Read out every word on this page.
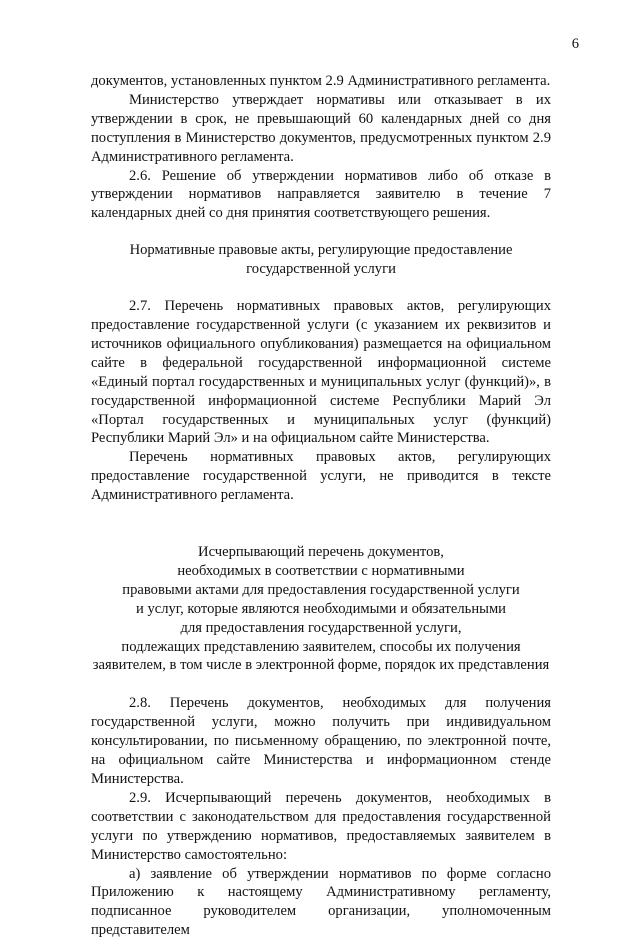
6

документов, установленных пунктом 2.9 Административного регламента.

Министерство утверждает нормативы или отказывает в их утверждении в срок, не превышающий 60 календарных дней со дня поступления в Министерство документов, предусмотренных пунктом 2.9 Административного регламента.

2.6. Решение об утверждении нормативов либо об отказе в утверждении нормативов направляется заявителю в течение 7 календарных дней со дня принятия соответствующего решения.

Нормативные правовые акты, регулирующие предоставление
государственной услуги

2.7. Перечень нормативных правовых актов, регулирующих предоставление государственной услуги (с указанием их реквизитов и источников официального опубликования) размещается на официальном сайте в федеральной государственной информационной системе «Единый портал государственных и муниципальных услуг (функций)», в государственной информационной системе Республики Марий Эл «Портал государственных и муниципальных услуг (функций) Республики Марий Эл» и на официальном сайте Министерства.

Перечень нормативных правовых актов, регулирующих предоставление государственной услуги, не приводится в тексте Административного регламента.

Исчерпывающий перечень документов,
необходимых в соответствии с нормативными
правовыми актами для предоставления государственной услуги
и услуг, которые являются необходимыми и обязательными
для предоставления государственной услуги,
подлежащих представлению заявителем, способы их получения
заявителем, в том числе в электронной форме, порядок их представления

2.8. Перечень документов, необходимых для получения государственной услуги, можно получить при индивидуальном консультировании, по письменному обращению, по электронной почте, на официальном сайте Министерства и информационном стенде Министерства.

2.9. Исчерпывающий перечень документов, необходимых в соответствии с законодательством для предоставления государственной услуги по утверждению нормативов, предоставляемых заявителем в Министерство самостоятельно:

а) заявление об утверждении нормативов по форме согласно Приложению к настоящему Административному регламенту, подписанное руководителем организации, уполномоченным представителем
